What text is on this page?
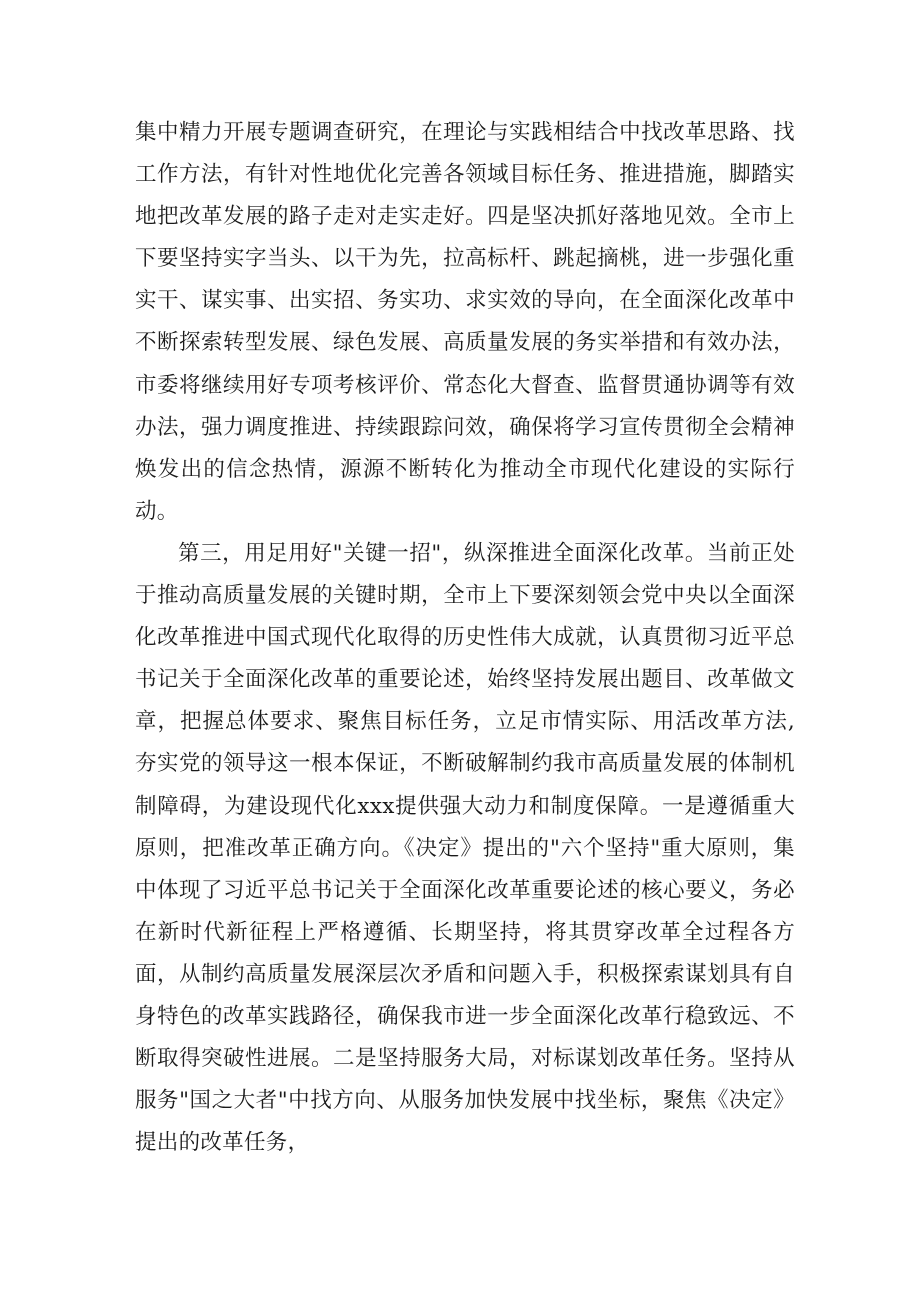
集中精力开展专题调查研究，在理论与实践相结合中找改革思路、找工作方法，有针对性地优化完善各领域目标任务、推进措施，脚踏实地把改革发展的路子走对走实走好。四是坚决抓好落地见效。全市上下要坚持实字当头、以干为先，拉高标杆、跳起摘桃，进一步强化重实干、谋实事、出实招、务实功、求实效的导向，在全面深化改革中不断探索转型发展、绿色发展、高质量发展的务实举措和有效办法，市委将继续用好专项考核评价、常态化大督查、监督贯通协调等有效办法，强力调度推进、持续跟踪问效，确保将学习宣传贯彻全会精神焕发出的信念热情，源源不断转化为推动全市现代化建设的实际行动。

第三，用足用好"关键一招"，纵深推进全面深化改革。当前正处于推动高质量发展的关键时期，全市上下要深刻领会党中央以全面深化改革推进中国式现代化取得的历史性伟大成就，认真贯彻习近平总书记关于全面深化改革的重要论述，始终坚持发展出题目、改革做文章，把握总体要求、聚焦目标任务，立足市情实际、用活改革方法,夯实党的领导这一根本保证，不断破解制约我市高质量发展的体制机制障碍，为建设现代化xxx提供强大动力和制度保障。一是遵循重大原则，把准改革正确方向。《决定》提出的"六个坚持"重大原则，集中体现了习近平总书记关于全面深化改革重要论述的核心要义，务必在新时代新征程上严格遵循、长期坚持，将其贯穿改革全过程各方面，从制约高质量发展深层次矛盾和问题入手，积极探索谋划具有自身特色的改革实践路径，确保我市进一步全面深化改革行稳致远、不断取得突破性进展。二是坚持服务大局，对标谋划改革任务。坚持从服务"国之大者"中找方向、从服务加快发展中找坐标，聚焦《决定》提出的改革任务，
